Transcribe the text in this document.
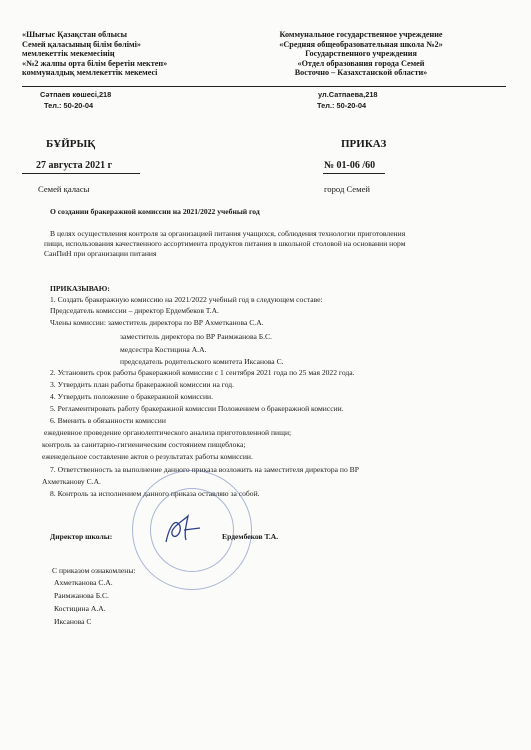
«Шығыс Қазақстан облысы
Семей қаласының білім бөлімі»
мемлекеттік мекемесінің
«№2 жалпы орта білім беретін мектеп»
коммуналдық мемлекеттік мекемесі
Коммунальное государственное учреждение
«Средняя общеобразовательная школа №2»
Государственного учреждения
«Отдел образования города Семей
Восточно – Казахстанской области»
Сәтпаев көшесі,218
Тел.: 50-20-04
ул.Сатпаева,218
Тел.: 50-20-04
БҰЙРЫҚ	ПРИКАЗ
27 августа 2021 г	№ 01-06 /60
Семей қаласы	город Семей
О создании бракеражной комиссии на 2021/2022 учебный год
В целях осуществления контроля за организацией питания учащихся, соблюдения технологии приготовления
пищи, использования качественного ассортимента продуктов питания в школьной столовой на основании норм
СанПиН при организации питания
ПРИКАЗЫВАЮ:
1. Создать бракеражную комиссию на 2021/2022 учебный год в следующем составе:
Председатель комиссии – директор Ердембеков Т.А.
Члены комиссии: заместитель директора по ВР Ахметканова С.А.
заместитель директора по ВР Раимжанова Б.С.
медсестра Костицина А.А.
председатель родительского комитета Иксанова С.
2. Установить срок работы бракеражной комиссии с 1 сентября 2021 года по 25 мая 2022 года.
3. Утвердить план работы бракеражной комиссии на год.
4. Утвердить положение о бракеражной комиссии.
5. Регламентировать работу бракеражной комиссии Положением о бракеражной комиссии.
6. Вменить в обязанности комиссии
ежедневное проведение органолептического анализа приготовленной пищи;
контроль за санитарно-гигиеническим состоянием пищеблока;
еженедельное составление актов о результатах работы комиссии.
7. Ответственность за выполнение данного приказа возложить на заместителя директора по ВР
Ахметканову С.А.
8. Контроль за исполнением данного приказа оставляю за собой.
Директор школы:	Ердембеков Т.А.
С приказом ознакомлены:
Ахметканова С.А.
Раимжанова Б.С.
Костицина А.А.
Иксанова С
